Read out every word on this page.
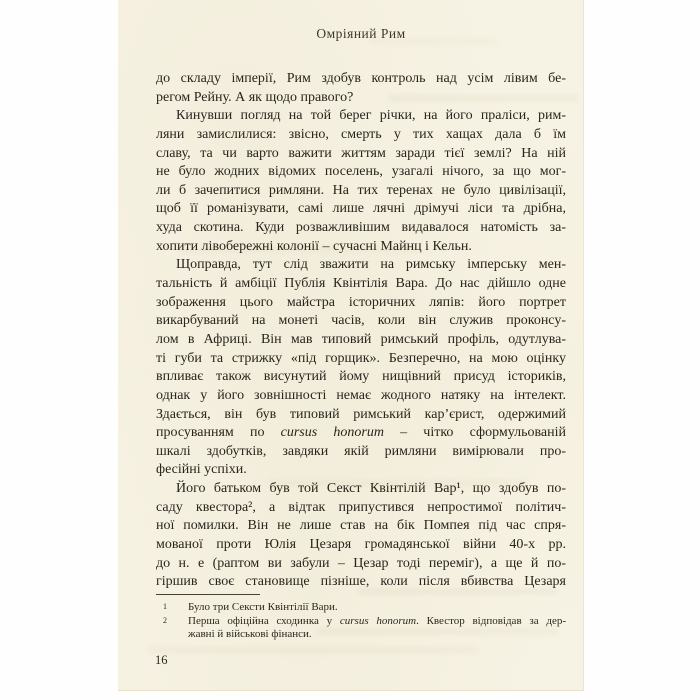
Омріяний Рим
до складу імперії, Рим здобув контроль над усім лівим бе-
регом Рейну. А як щодо правого?
Кинувши погляд на той берег річки, на його праліси, рим-
ляни замислилися: звісно, смерть у тих хащах дала б їм
славу, та чи варто важити життям заради тієї землі? На ній
не було жодних відомих поселень, узагалі нічого, за що мог-
ли б зачепитися римляни. На тих теренах не було цивілізації,
щоб її романізувати, самі лише лячні дрімучі ліси та дрібна,
худа скотина. Куди розважливішим видавалося натомість за-
хопити лівобережні колонії – сучасні Майнц і Кельн.
Щоправда, тут слід зважити на римську імперську мен-
тальність й амбіції Публія Квінтілія Вара. До нас дійшло одне
зображення цього майстра історичних ляпів: його портрет
викарбуваний на монеті часів, коли він служив проконсу-
лом в Африці. Він мав типовий римський профіль, одутлува-
ті губи та стрижку «під горщик». Безперечно, на мою оцінку
впливає також висунутий йому нищівний присуд істориків,
однак у його зовнішності немає жодного натяку на інтелект.
Здається, він був типовий римський кар’єрист, одержимий
просуванням по cursus honorum – чітко сформульованій
шкалі здобутків, завдяки якій римляни вимірювали про-
фесійні успіхи.
Його батьком був той Секст Квінтілій Вар¹, що здобув по-
саду квестора², а відтак припустився непростимої політич-
ної помилки. Він не лише став на бік Помпея під час спря-
мованої проти Юлія Цезаря громадянської війни 40-х рр.
до н. е (раптом ви забули – Цезар тоді переміг), а ще й по-
гіршив своє становище пізніше, коли після вбивства Цезаря
Було три Сексти Квінтілії Вари.
1
Перша офіційна сходинка у cursus honorum. Квестор відповідав за дер-
2
жавні й військові фінанси.
16
